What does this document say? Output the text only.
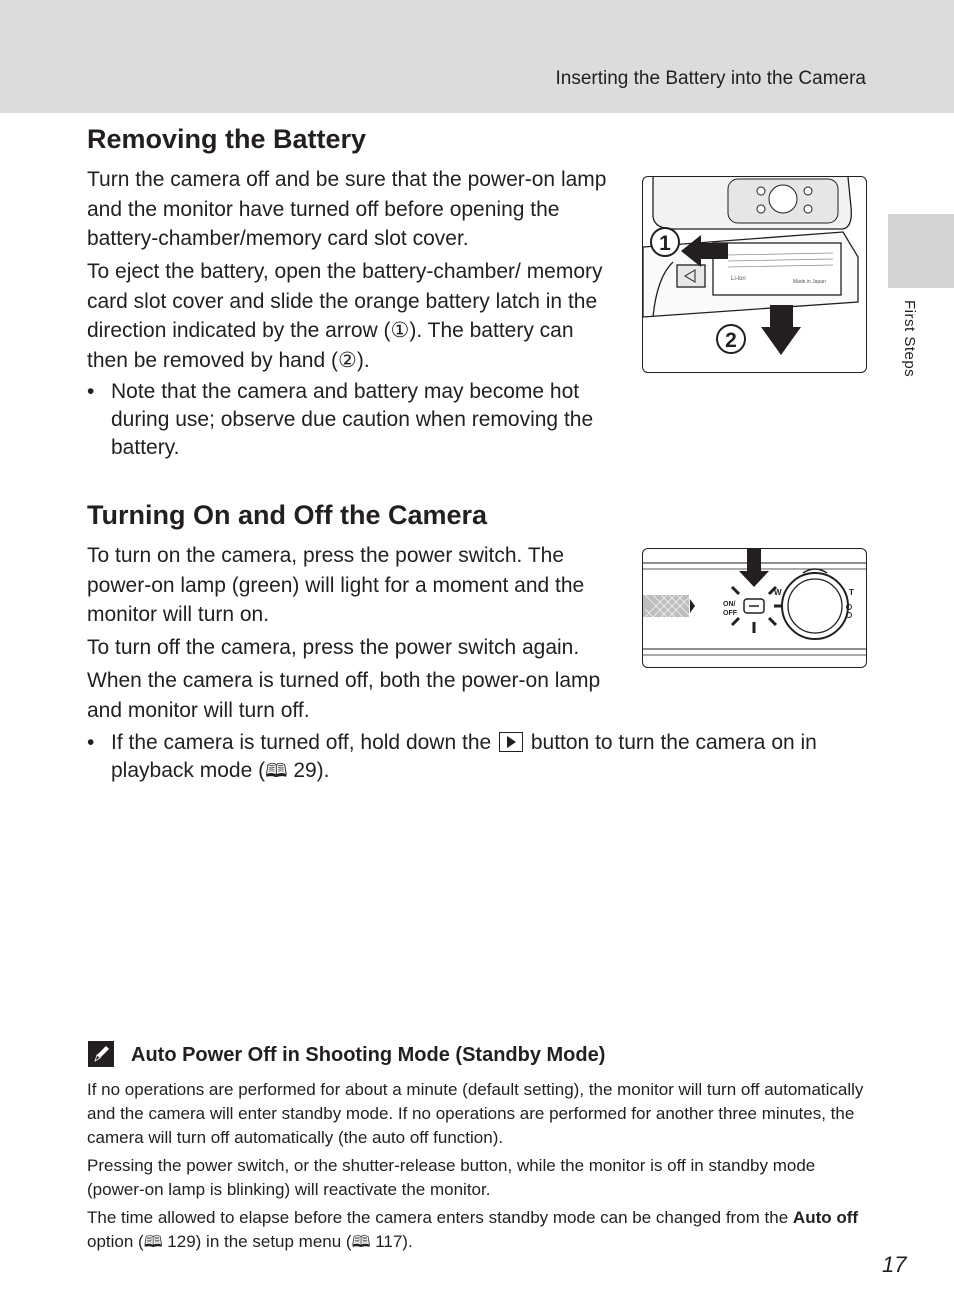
Inserting the Battery into the Camera
First Steps
Removing the Battery

Turn the camera off and be sure that the power-on lamp and the monitor have turned off before opening the battery-chamber/memory card slot cover.

To eject the battery, open the battery-chamber/ memory card slot cover and slide the orange battery latch in the direction indicated by the arrow (①). The battery can then be removed by hand (②).

• Note that the camera and battery may become hot during use; observe due caution when removing the battery.

Li-ion	Made in Japan
1
2
Turning On and Off the Camera

To turn on the camera, press the power switch. The power-on lamp (green) will light for a moment and the monitor will turn on.

To turn off the camera, press the power switch again.

When the camera is turned off, both the power-on lamp and monitor will turn off.

• If the camera is turned off, hold down the  button to turn the camera on in playback mode (🕮 29).

ON/
OFF
W	T

Auto Power Off in Shooting Mode (Standby Mode)

If no operations are performed for about a minute (default setting), the monitor will turn off automatically and the camera will enter standby mode. If no operations are performed for another three minutes, the camera will turn off automatically (the auto off function).

Pressing the power switch, or the shutter-release button, while the monitor is off in standby mode (power-on lamp is blinking) will reactivate the monitor.

The time allowed to elapse before the camera enters standby mode can be changed from the Auto off option (🕮 129) in the setup menu (🕮 117).

17
